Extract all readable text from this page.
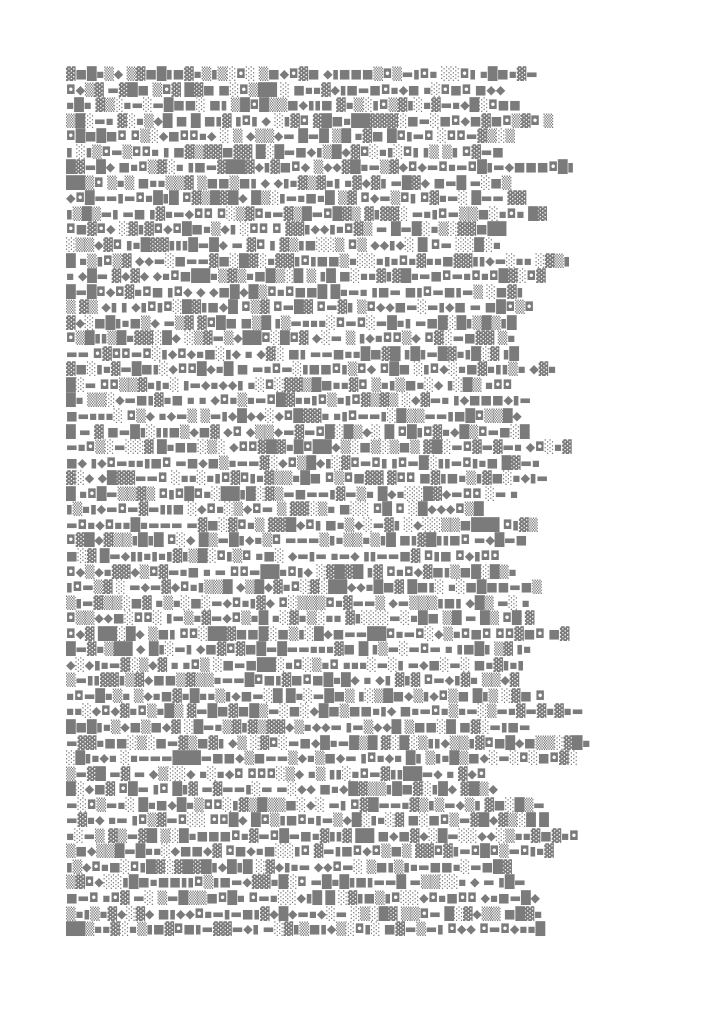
▓■█▪▒◆ ▒▓■█▮■▓▪▒▮▒░◘░ ▒■◆◘▓■ ◆▮■■■▒◘▒▬▮◘▪ ░░◘▮ ▪█■▪▓▬
◘◆▒▓ ▬▓█■ ▒◘▓ █▓■ ■░◘▒██ ░ ■▪▪▓◆▮■▬■◘▪◆■ ▪░◘■◘ ■◆◆
▪█▪ ▓▒░▪▬░▬█■■░ ■▮ ▒█◘█▒▒■◆▮▮■ ▓▪▒░▮◘▒▓▮░▪▓▬▪◆█░◘■■
▒█░▬▪ ▓░▪▒◆█ ■ █ ■▮▓ ▮◘▮ ◆ ░▮▓◘ ▓█■▪██▓▓▓░■▬░■◘◆■▓■◘▒▓◘ ▒
◘█■█■◘ ◘▒░◆■◘◘▪◆ ░ ▒ ◆▒▒◆▬ █▬█ ▒█ ▪▓■ █◘▮▬◘ ░◘◘▬▓▒░▒
▮ ░▮▒◘▬▒◘◘▪ ▮ ■▓▒▓▓■▓▓ █░█▬■◆▮▒█◆▓◘░▪▮░◘▮ ▮▒ ▒▮ ◘▓▬■
█▓▬█◆ ■▪◘▒▓░▪ ▮■▬▓██▓◆▮▓■◘◆ ▒◆◆▓█▪▬▒▓◆◘◆▬◘▪▬◘█▮▬◆■■■◘█▮
██▒◘ ▒▪▒ ■▪▪▒▒▓ ▒■■▒■▮ ◆ ◆▮▪▓▒▓▪▮ ▪▓◆▓▮ ▬█▓◆ ■▬█ ▬░■▒
◆◘█▬▬▮▬◘▪█▮█ ◘▓▒█▓█◆ █▒░▮▬▪■▪█ ▒▓ ◘◆▬▒◘▮ ◘▓▪▬░ █▬▬ ▓▓
▮▒█▒▬▮ ▬■ ▮▓▪▬◆◘◘ ◘░▒▓◘▪▬▓▒█▬◘█▓▒ ▓▮▓▓░ ▬▪▮◘▬▒▒■░▪◘▪ █▓
◘■▓◘◆ ░▓▮▓◘◆◘█■▪▒◆▮ ░◘◘ ◘ ▓▓▮◆◆▮▪◘▓▒ ▬ █▬█░▪▒░▓▓■██
░▒▒◆▓◘ ▮▪█▓▓▮▮▮█▬█◆ ▬ ▓◘ ▮ ▓▒▮■░░▒ ◘▒ ◆◆▮◆░ █ ◘▬ ░░█░▪
█ ▪▒▮◘▒▓ ◆◆▬░■▬▬▓■░█▓░▪▓▓▮◘▮■■▒▪░░▪▮▪◘▪▓▪▪■▓▓▮▮◆▬░▪▪ ░▓▒▮
▪ ◆█▬ ▓◆▓◆ ◆▪◘■██▪▒▓▒▪■█▒░█ ▒ ▮█ ■░▪▪▓▮▓█▪▬■◘▬▪◘▪◘█▓░◘▓
█▬█◘◆◘▓▪◘■ ▮◘◆ ◆ ◆■█◆█▒◘▪◘■■█ █▪▬▪ ▮■▬ ■▮◘▬■▮▬▒ ░■▓▮
▒ ▓▒ ◆▮ ▮ ◆▮◘▮◘░█▓▮■◆█ ◘▒▓ ◘▬█▓ ◘▬▓▮ ▒◘◆◆■▬░▬▮◆■ ▬ ■█◘▒◘
▓◆░■█▮▪■▒◆ ▬▒▓ ▓◘█■ ■▒█ ▮▒▬▪▪▪░◘▬◘░▬█▪▮ ▬■█░█▮▒█▒▮█
◘▒█▮▮▒█▪▓▓░█◆ ░▒▓▬▒◆██◘░█◘▓ ◆░▬ ▒ ▮◆▪◘◘▒◆ ◘▓░▬■▓▓ ▒▪
▬▬ ◘▓◘◘▬◘░▮◆◘◆▪■░▮◆ ▪ ◆▓░ ■▮ ▬▬■▪▪█■▓█ ▮█▮▬█▓▪▮█░▓ ▮█
▓■░▮▪▓▬█■▮░◆◘◘█◆▪█ ■ ▬▪◘▬░▮■■◘▮▒◘◆ ◘█■ ░▮◘◆░▪■▓▪▮▮▒▪ ◆▓▪
█░▬ ◘◘▒▒▓▪▮▪░ ▮▬◆▪◆◆▮ ▪░◘░▓▓▒█■▪▪▓◘ ▒▪▮▒■▪░◆ ▮░█▒ ▪◘◘
█▪ ▒▒░◆▬■▮▓▪■ ▪ ▪ ◆◘▪▒▪▬◘█▓▪▪▮◘▒▪▮◘▓▒▓▒ ░◆▓▬▪ ▮◆■■■◆▮▬
■▬▪▪▪░ ◘▒◆ ▪◆▬▒ ▒▬▮◆█◆◆░◆◘█▓▓▪ ▪▮◘▬▬▮░█▒▒▬▬▮■█◘▒▒█◆
█ ▬ ▓ ■▬█▮░▮▮■▒◆■▓ ◆◘ ◆▒▒◆▬▓▬◘█░█▒◆░ █ ◘█▮◘▓▪◆█▒◘▬■░█
▬▪◘▒░▬░░▓ █▪■■░▒░ ◆◘◘▓█▓▪█◘██◆▒░■▒░▒■▒ ▓█░▬◘▓▬▓▬▪ ◆◘░▪▓
■◆ ▮◆◘▬▪▪▮■◘ ▬■◆■▒▪▬▬▓░◆◘▒█◆▮░▓◘▬◘▮ ▮◘▬█░▮▮▬◘▮▪■ █▓▬▪
▓░◆ ◆█▓▓▬▬◘ ░▪▪░▪▮◘▓◘▮▪▓▒▒▪█■ ◘▒◘■▓▓ ▓◘◘ ■▓▮■▪▒▮▓■░▪◆▮▬
█ ▪◘█▬▒▒▓▒ ◘▮◘█◘▪░██▮█░▓▒▬■▬▬▮▓▬▒▪ █◆▪░░█▓◆▬◘◘ ░▬ ▪
▮▒▪▮◆▬◘▬▓▬▮▮■ ░◆◘▪░▒◆◘▬ ▒ ▓▓░▒▪ ■░░ ◘█ ◘ ░█◆◆◆◘▒█
▬◘▪◆◘▪▪█▪▬▬▬ ▬▓■░▓◘▪▒ ▓▓█◆◘▮ ■▪▒◆░▬▓▮ ░◆░░▒▒■███ ◘▮▓▒
◘▓█◆▓▒▒▮█▮█ ◘░◆ █▒▬█▮◆▪▒◘ ▬▬▬▒▮▪▒▒▪▒▮█ ■▮▓█▮▮■◘ ▬◆█▬■
■░▓ █▬◆▮▮▪▮▪▮▓▮▒█░◘▮▒◘ ▪■░ ◆▬▮▬ ▪▬◆ ▮▮▬▬■▓ ◘▮■ ◘◆▮◘◘
◘◆▒◆▪▓▓◆▒◘▓▬▪■ ▪ ▬ ◘◘▬██▪◘▮◆ ░▓█▓█ ▮▓ ◘▪◘◆▓■▮▒■█░█▒▪
▮◘▬▒▓ ░ ▬◆▬▓◆◘▪▮▒▒█ ◆▒█◆▓▪◘░▓░██◆◆▪█■▓ █■▮░ ▪░■█■■▬■▒
▒▮▬▓▒▒░■▓ ▪▒▪░■░▬◆◘▪▮▓◆ ◘░▒▒▒◘▪▓▬▬▒ ◆▬▒▒▒▮■▮ ◆█▒ ▬░ ▪
◘▒▒◆◆■░◘◘░ ▮▬▒▪▓▬◆◘▒▪█ ▪░▓▪▒░▪▪ ▓▮░░░▬░▪█■ ▒█ ▬ █▒ ◘█ ▓
◘◆▓ ██░█◆ ▒■▮ ◘◘░██▓■■█░■▒▮░█◆■▬▬██◘▪▬◘░◆▒▪◘■◘ ◘◘▓■◘ ■▓
█▬▓▪▒██ ◆ █▮░▬▮ ◆■▓◘▓■█▬█▬▬▪▪▪▓■ █ ▮▒▬░▬◘▬ ▪ ▮■█▮ ▒▓ ▮▪
◆░◆▮▪▬▓░▒◆▓ ▪ ▪◘▒ ░■▬■██░▪◘░▒▪◘ ▪▪▪░▬░▮ ▬◆■░▬░ ■▪▓▮▪▮
▒▬▮▮▓▓▮▒▓◆■■▒▓▒▒▪▬▬█◘■▮▓■◘■█▪█◆ ▪ ◆▮ ▓▮▓ ◘▬◆▮▓▪ ▒▒◆▓
▪◘▬█▪▒▪ ▒◆▪■▓▪█▪▪▒▮◆■▬░█ █▪░▬█■▒ ▮░▒█■◆▒▮◆◘▒■ █▮▒ ░▓■ ◘
▪▪░◆◘◆▓▪◘▒▪█▒ ▓▬█■▓■█▒▬░■░◆█■▒■■▪▮◆ ■▪▬◘▪▒▪▬░▒▬▪▓▬▓▪▓▪▬
█■█▮▪▒◆■▒■◆▓ ░█▬▪▒▓▮▓▒▓▓◆▒▪◆◆▬ ▮▬▒◆◆█ ▒■■░█ ■▓░▬▮■▬
▬▓▓▪■■░▒░■▬▓▒■▓▮ ◆▒ ░▓◘░▬■◆█▪▬█▒█ ▓░█░▒▮▮◆▒▒▮▓◘■█◆■▒▒░▓█▪
░█▮▪◆▪ ░▪▬▬▬███▬■■◆▒■▬▬▒◆▪▒■◆▬ ▮◘▪◆▪ █▮ ▒▮▪█▒■◆░▬░◘░■◘▓░
▒▬▓█ ▬▓ ▬ ◆▒░░◆ ▪░▪◆◘ ◘◘◘░▒◆ ▪▒ ▮▮░▪◘▬▓▮▮██▬◆ ▪ ▓◆◘
█░◆■▓ ◘█▬ ▮◘ █▮▓ ▬▓▬▬▮░▬ ▬░◆◆ ■▪◆█▓▒▒▮█■▓░▮█◆ ▓█▒◆
▬░◘▒▬▪░ █▪■◆█▪▒◘◘░▮▓▒█▒▒■░◆░ ▬▮ ◘▓█▬▬▪▓▒▮▒▬◆▒▮ ▓■░█▒▬
▬▓▪◆ ▪▬ ▮◘▒▓▬◘░░ ◘◘█◆ █◘▒▮■◘▪▮▬▒◆█░▮▪░▓ ■░■◘▒▬▓█◆▓▒░█ █
▪░▬▒ ▓▒▬▓█ ▒░█▪■■■◘▪▓▬◘█▬■▪▓▮▮▓ ██ ■◆■▓◆░█▬░░◆◆░▒▪▪▓■▓▪◘
▒■◆▒▒█▬█▪▪░◆■■◆▓ ◘■◆▪■░░▮◘ ▓▬▮■◘◆◘▒■▒ ▓▓◘▓▮▬◘█◘▒▬◘▮▪▓
▮▒◆◘▪■░◘▮█▓░▓█▓█▮◆█▮█ ░▓◆▮▪▬ ◆◆◘▬░ ▒■▮▒▮▪▬■■▪░▬■█▓
▒▓◘◆░░▮█■▪■■▮▮◘▒▮■▬◆▓▓▪█░◘ ▬█▪█▮■▮▬▬█ ▬▒▒░░▪ ◆ ▬ ▮█▬
■▬◘ ▪◘▓ ▬░ ▒▬█▒▒■◘█▪ ◘▬▪░░◆▮█ █ ░▓▮■▒▮◘░░◆◘▪■◘◘ ◆▪■▬█◆
▒▪▮▒▪▓◆░▓◆ ■▮◆◆◘▪▬▮▬■▮▓◆█◆▬▪◆░▬ ░▒░█▓ ▒▒◘▬ █░▓◆▒▒ ■█▓▪
██▒▪▪▓░▪▒▮■▓◘■▮▬▓▓▬◆▮ ▬░▓▮▒■▮◆▒░◘▮░ ■▓▬▒▬▮ ◘◆◆ ◘▬◘◆▪▪█
